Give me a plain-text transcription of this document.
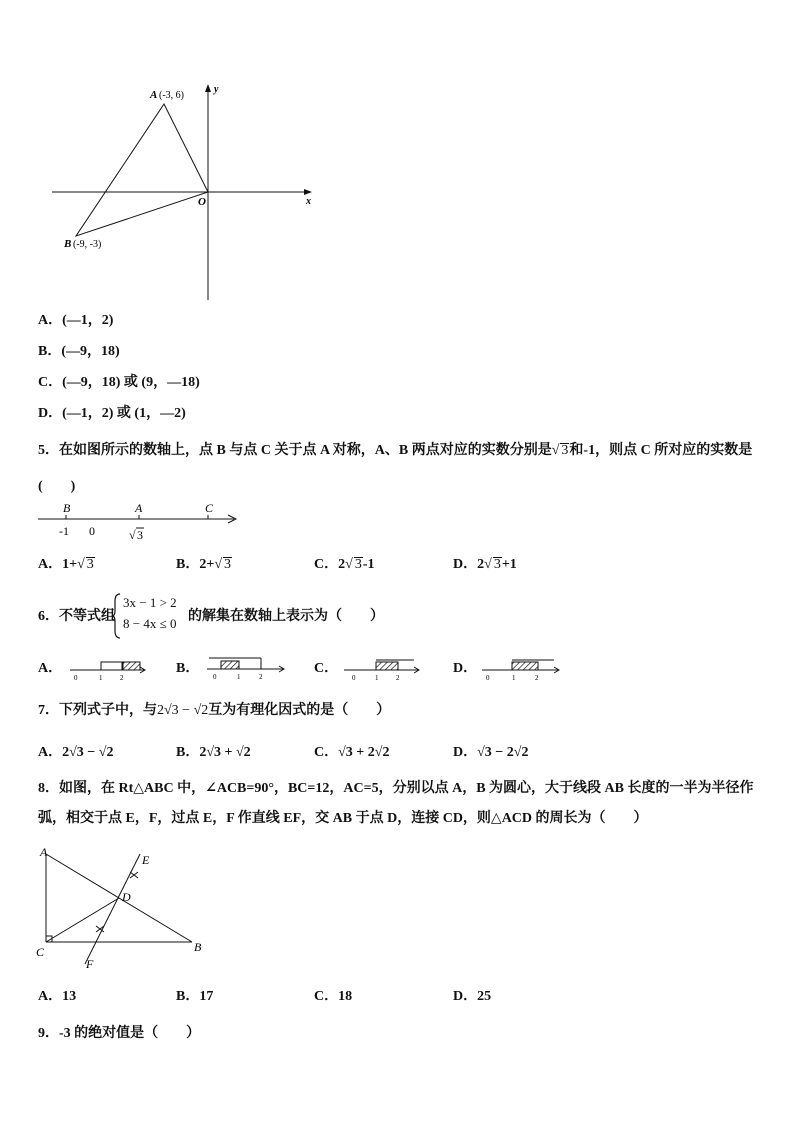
A (-3, 6)
B (-9, -3)
O	x
y
A．(—1，2)
B．(—9，18)
C．(—9，18) 或 (9，—18)
D．(—1，2) 或 (1，—2)
5．在如图所示的数轴上，点 B 与点 C 关于点 A 对称，A、B 两点对应的实数分别是√ 3和-1，则点 C 所对应的实数是
(　　)
B	A	C
-1 0	√ 3
A．1+√ 3	B．2+√ 3	C．2√ 3-1	D．2√ 3+1
6．不等式组
3x − 1 > 2
8 − 4x ≤ 0 的解集在数轴上表示为（　　）
A．
0	1	2
B．
0	1	2
C．
0	1	2
D．
0	1	2
7．下列式子中，与2√3 − √2互为有理化因式的是（　　）
A．2√3 − √2	B．2√3 + √2	C．√3 + 2√2	D．√3 − 2√2
8．如图，在 Rt△ABC 中，∠ACB=90°，BC=12，AC=5，分别以点 A，B 为圆心，大于线段 AB 长度的一半为半径作
弧，相交于点 E，F，过点 E，F 作直线 EF，交 AB 于点 D，连接 CD，则△ACD 的周长为（　　）
A
B
C
D
E
F
A．13	B．17	C．18	D．25
9．-3 的绝对值是（　　）
